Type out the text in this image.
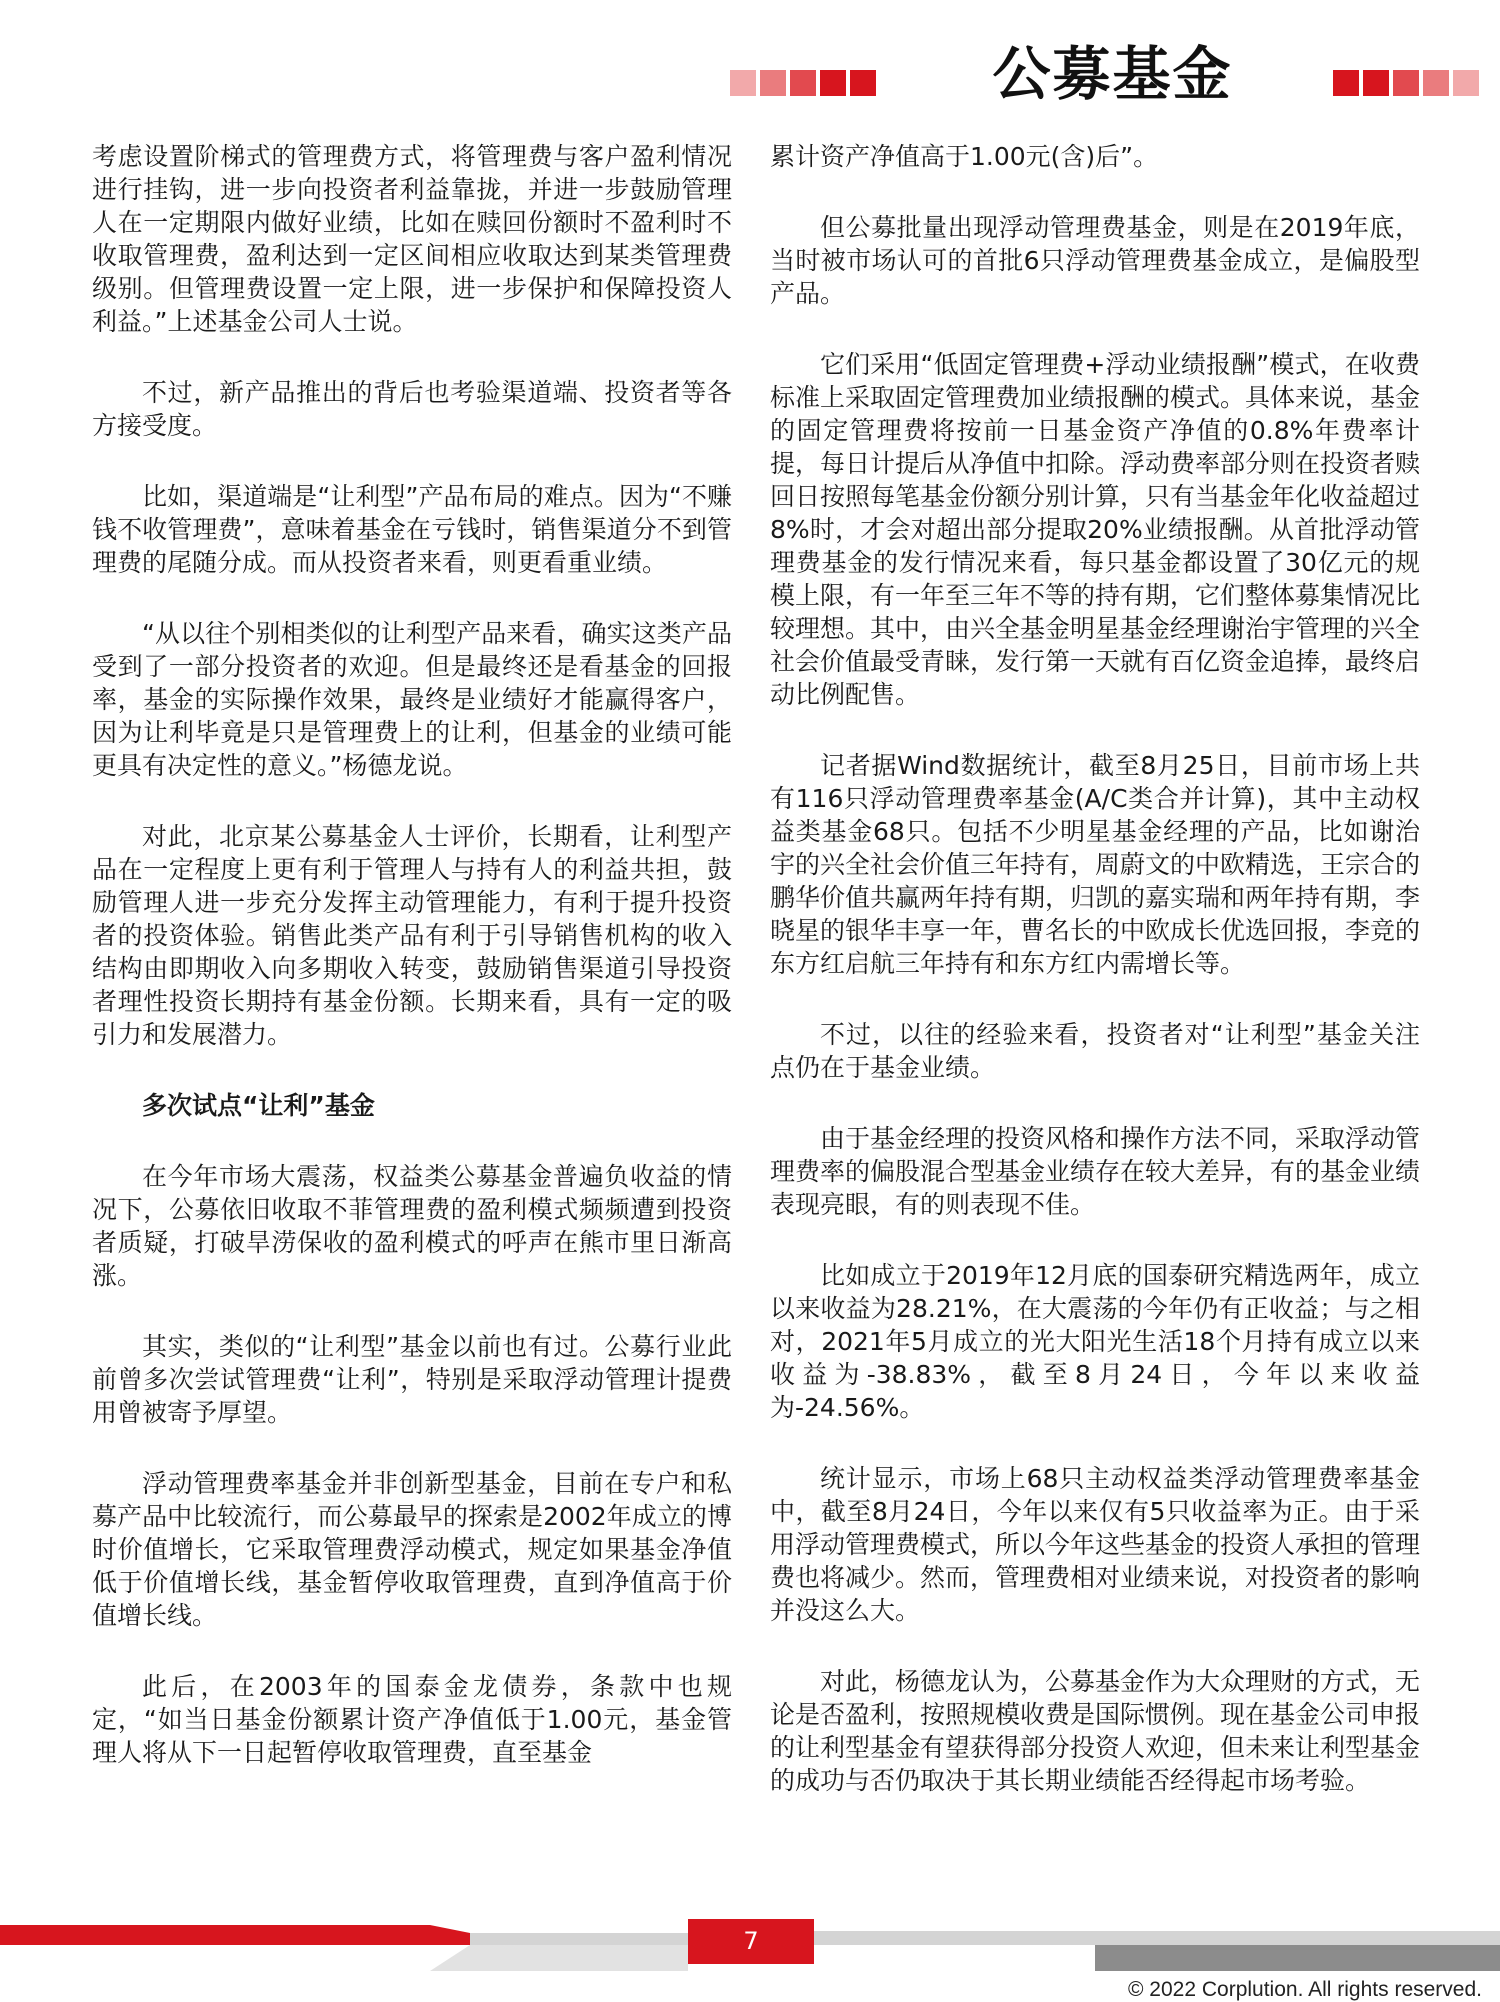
公募基金

考虑设置阶梯式的管理费方式，将管理费与客户盈利情况进行挂钩，进一步向投资者利益靠拢，并进一步鼓励管理人在一定期限内做好业绩，比如在赎回份额时不盈利时不收取管理费，盈利达到一定区间相应收取达到某类管理费级别。但管理费设置一定上限，进一步保护和保障投资人利益。”上述基金公司人士说。

不过，新产品推出的背后也考验渠道端、投资者等各方接受度。

比如，渠道端是“让利型”产品布局的难点。因为“不赚钱不收管理费”，意味着基金在亏钱时，销售渠道分不到管理费的尾随分成。而从投资者来看，则更看重业绩。

“从以往个别相类似的让利型产品来看，确实这类产品受到了一部分投资者的欢迎。但是最终还是看基金的回报率，基金的实际操作效果，最终是业绩好才能赢得客户，因为让利毕竟是只是管理费上的让利，但基金的业绩可能更具有决定性的意义。”杨德龙说。

对此，北京某公募基金人士评价，长期看，让利型产品在一定程度上更有利于管理人与持有人的利益共担，鼓励管理人进一步充分发挥主动管理能力，有利于提升投资者的投资体验。销售此类产品有利于引导销售机构的收入结构由即期收入向多期收入转变，鼓励销售渠道引导投资者理性投资长期持有基金份额。长期来看，具有一定的吸引力和发展潜力。

多次试点“让利”基金

在今年市场大震荡，权益类公募基金普遍负收益的情况下，公募依旧收取不菲管理费的盈利模式频频遭到投资者质疑，打破旱涝保收的盈利模式的呼声在熊市里日渐高涨。

其实，类似的“让利型”基金以前也有过。公募行业此前曾多次尝试管理费“让利”，特别是采取浮动管理计提费用曾被寄予厚望。

浮动管理费率基金并非创新型基金，目前在专户和私募产品中比较流行，而公募最早的探索是2002年成立的博时价值增长，它采取管理费浮动模式，规定如果基金净值低于价值增长线，基金暂停收取管理费，直到净值高于价值增长线。

此后，在2003年的国泰金龙债券，条款中也规定，“如当日基金份额累计资产净值低于1.00元，基金管理人将从下一日起暂停收取管理费，直至基金

累计资产净值高于1.00元(含)后”。

但公募批量出现浮动管理费基金，则是在2019年底，当时被市场认可的首批6只浮动管理费基金成立，是偏股型产品。

它们采用“低固定管理费+浮动业绩报酬”模式，在收费标准上采取固定管理费加业绩报酬的模式。具体来说，基金的固定管理费将按前一日基金资产净值的0.8%年费率计提，每日计提后从净值中扣除。浮动费率部分则在投资者赎回日按照每笔基金份额分别计算，只有当基金年化收益超过8%时，才会对超出部分提取20%业绩报酬。从首批浮动管理费基金的发行情况来看，每只基金都设置了30亿元的规模上限，有一年至三年不等的持有期，它们整体募集情况比较理想。其中，由兴全基金明星基金经理谢治宇管理的兴全社会价值最受青睐，发行第一天就有百亿资金追捧，最终启动比例配售。

记者据Wind数据统计，截至8月25日，目前市场上共有116只浮动管理费率基金(A/C类合并计算)，其中主动权益类基金68只。包括不少明星基金经理的产品，比如谢治宇的兴全社会价值三年持有，周蔚文的中欧精选，王宗合的鹏华价值共赢两年持有期，归凯的嘉实瑞和两年持有期，李晓星的银华丰享一年，曹名长的中欧成长优选回报，李竞的东方红启航三年持有和东方红内需增长等。

不过，以往的经验来看，投资者对“让利型”基金关注点仍在于基金业绩。

由于基金经理的投资风格和操作方法不同，采取浮动管理费率的偏股混合型基金业绩存在较大差异，有的基金业绩表现亮眼，有的则表现不佳。

比如成立于2019年12月底的国泰研究精选两年，成立以来收益为28.21%，在大震荡的今年仍有正收益；与之相对，2021年5月成立的光大阳光生活18个月持有成立以来收益为-38.83%，截至8月24日，今年以来收益为-24.56%。

统计显示，市场上68只主动权益类浮动管理费率基金中，截至8月24日，今年以来仅有5只收益率为正。由于采用浮动管理费模式，所以今年这些基金的投资人承担的管理费也将减少。然而，管理费相对业绩来说，对投资者的影响并没这么大。

对此，杨德龙认为，公募基金作为大众理财的方式，无论是否盈利，按照规模收费是国际惯例。现在基金公司申报的让利型基金有望获得部分投资人欢迎，但未来让利型基金的成功与否仍取决于其长期业绩能否经得起市场考验。

7
© 2022 Corplution. All rights reserved.
